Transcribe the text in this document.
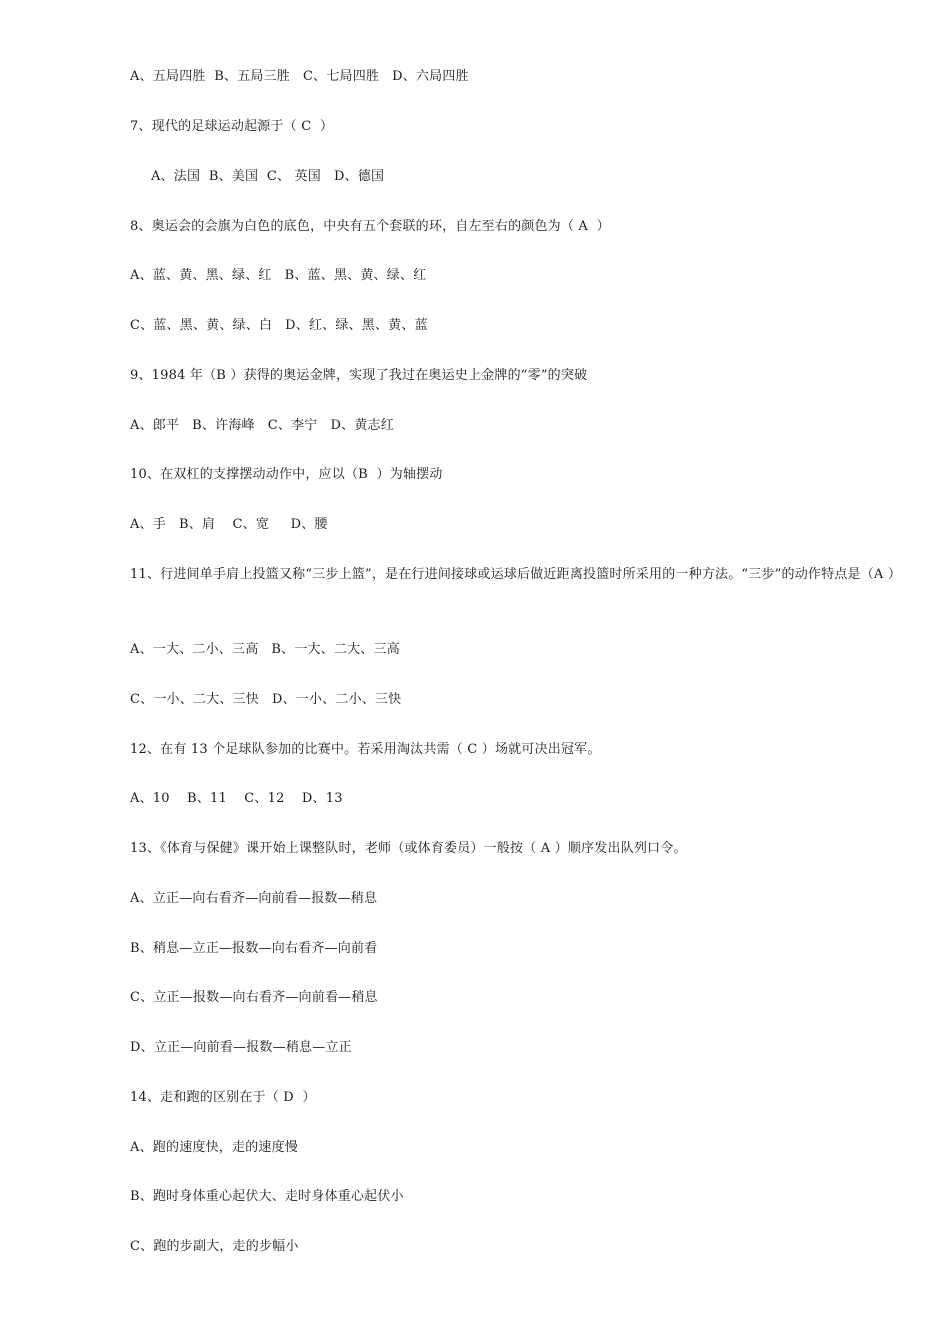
A、五局四胜  B、五局三胜   C、七局四胜   D、六局四胜
7、现代的足球运动起源于（ C  ）
A、法国  B、美国  C、 英国   D、德国
8、奥运会的会旗为白色的底色，中央有五个套联的环，自左至右的颜色为（ A  ）
A、蓝、黄、黑、绿、红   B、蓝、黑、黄、绿、红
C、蓝、黑、黄、绿、白   D、红、绿、黑、黄、蓝
9、1984 年（B ）获得的奥运金牌，实现了我过在奥运史上金牌的“零”的突破
A、郎平   B、许海峰   C、李宁   D、黄志红
10、在双杠的支撑摆动动作中，应以（B  ）为轴摆动
A、手   B、肩    C、宽     D、腰
11、行进间单手肩上投篮又称“三步上篮”，是在行进间接球或运球后做近距离投篮时所采用的一种方法。“三步”的动作特点是（A ）
A、一大、二小、三高   B、一大、二大、三高
C、一小、二大、三快   D、一小、二小、三快
12、在有 13 个足球队参加的比赛中。若采用淘汰共需（ C ）场就可决出冠军。
A、10    B、11    C、12    D、13
13、《体育与保健》课开始上课整队时，老师（或体育委员）一般按（ A ）顺序发出队列口令。
A、立正—向右看齐—向前看—报数—稍息
B、稍息—立正—报数—向右看齐—向前看
C、立正—报数—向右看齐—向前看—稍息
D、立正—向前看—报数—稍息—立正
14、走和跑的区别在于（ D  ）
A、跑的速度快，走的速度慢
B、跑时身体重心起伏大、走时身体重心起伏小
C、跑的步副大，走的步幅小
